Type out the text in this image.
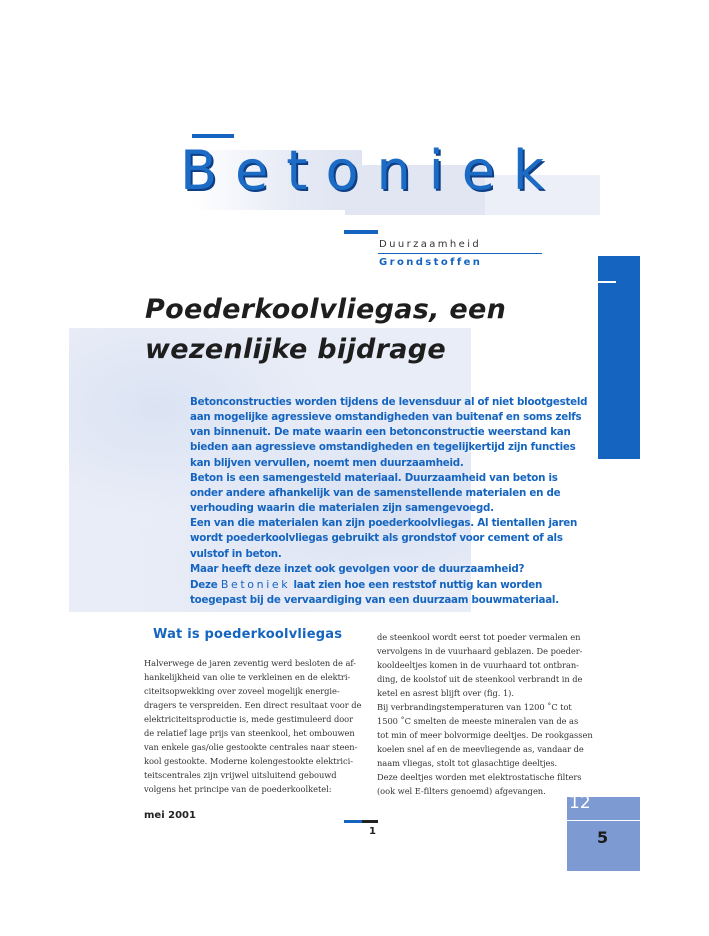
Betoniek
Duurzaamheid
Grondstoffen
Poederkoolvliegas, een
wezenlijke bijdrage

Betonconstructies worden tijdens de levensduur al of niet blootgesteld

aan mogelijke agressieve omstandigheden van buitenaf en soms zelfs

van binnenuit. De mate waarin een betonconstructie weerstand kan

bieden aan agressieve omstandigheden en tegelijkertijd zijn functies

kan blijven vervullen, noemt men duurzaamheid.

Beton is een samengesteld materiaal. Duurzaamheid van beton is

onder andere afhankelijk van de samenstellende materialen en de

verhouding waarin die materialen zijn samengevoegd.

Een van die materialen kan zijn poederkoolvliegas. Al tientallen jaren

wordt poederkoolvliegas gebruikt als grondstof voor cement of als

vulstof in beton.

Maar heeft deze inzet ook gevolgen voor de duurzaamheid?

Deze Betoniek laat zien hoe een reststof nuttig kan worden

toegepast bij de vervaardiging van een duurzaam bouwmateriaal.

Wat is poederkoolvliegas

Halverwege de jaren zeventig werd besloten de af-

hankelijkheid van olie te verkleinen en de elektri-

citeitsopwekking over zoveel mogelijk energie-

dragers te verspreiden. Een direct resultaat voor de

elektriciteitsproductie is, mede gestimuleerd door

de relatief lage prijs van steenkool, het ombouwen

van enkele gas/olie gestookte centrales naar steen-

kool gestookte. Moderne kolengestookte elektrici-

teitscentrales zijn vrijwel uitsluitend gebouwd

volgens het principe van de poederkoolketel:

de steenkool wordt eerst tot poeder vermalen en

vervolgens in de vuurhaard geblazen. De poeder-

kooldeeltjes komen in de vuurhaard tot ontbran-

ding, de koolstof uit de steenkool verbrandt in de

ketel en asrest blijft over (fig. 1).

Bij verbrandingstemperaturen van 1200 ˚C tot

1500 ˚C smelten de meeste mineralen van de as

tot min of meer bolvormige deeltjes. De rookgassen

koelen snel af en de meevliegende as, vandaar de

naam vliegas, stolt tot glasachtige deeltjes.

Deze deeltjes worden met elektrostatische filters

(ook wel E-filters genoemd) afgevangen.

mei 2001
1
12
5
